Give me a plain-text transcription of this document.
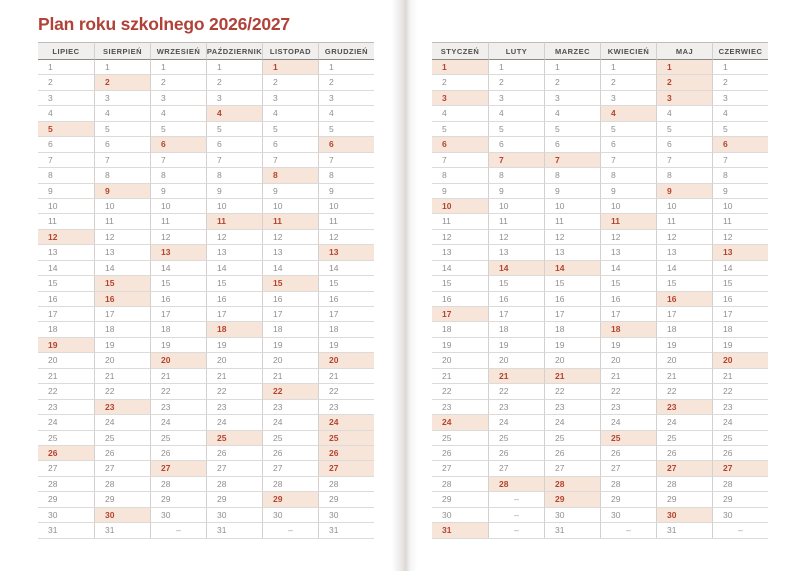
Plan roku szkolnego 2026/2027
LIPIEC	SIERPIEŃ	WRZESIEŃ PAŹDZIERNIK	LISTOPAD	GRUDZIEŃ
1	1	1	1	1	1
2	2	2	2	2	2
3	3	3	3	3	3
4	4	4	4	4	4
5	5	5	5	5	5
6	6	6	6	6	6
7	7	7	7	7	7
8	8	8	8	8	8
9	9	9	9	9	9
10	10	10	10	10	10
11	11	11	11	11	11
12	12	12	12	12	12
13	13	13	13	13	13
14	14	14	14	14	14
15	15	15	15	15	15
16	16	16	16	16	16
17	17	17	17	17	17
18	18	18	18	18	18
19	19	19	19	19	19
20	20	20	20	20	20
21	21	21	21	21	21
22	22	22	22	22	22
23	23	23	23	23	23
24	24	24	24	24	24
25	25	25	25	25	25
26	26	26	26	26	26
27	27	27	27	27	27
28	28	28	28	28	28
29	29	29	29	29	29
30	30	30	30	30	30
31	31	–	31	–	31
STYCZEŃ	LUTY	MARZEC	KWIECIEŃ	MAJ	CZERWIEC
1	1	1	1	1	1
2	2	2	2	2	2
3	3	3	3	3	3
4	4	4	4	4	4
5	5	5	5	5	5
6	6	6	6	6	6
7	7	7	7	7	7
8	8	8	8	8	8
9	9	9	9	9	9
10	10	10	10	10	10
11	11	11	11	11	11
12	12	12	12	12	12
13	13	13	13	13	13
14	14	14	14	14	14
15	15	15	15	15	15
16	16	16	16	16	16
17	17	17	17	17	17
18	18	18	18	18	18
19	19	19	19	19	19
20	20	20	20	20	20
21	21	21	21	21	21
22	22	22	22	22	22
23	23	23	23	23	23
24	24	24	24	24	24
25	25	25	25	25	25
26	26	26	26	26	26
27	27	27	27	27	27
28	28	28	28	28	28
29	–	29	29	29	29
30	–	30	30	30	30
31	–	31	–	31	–
